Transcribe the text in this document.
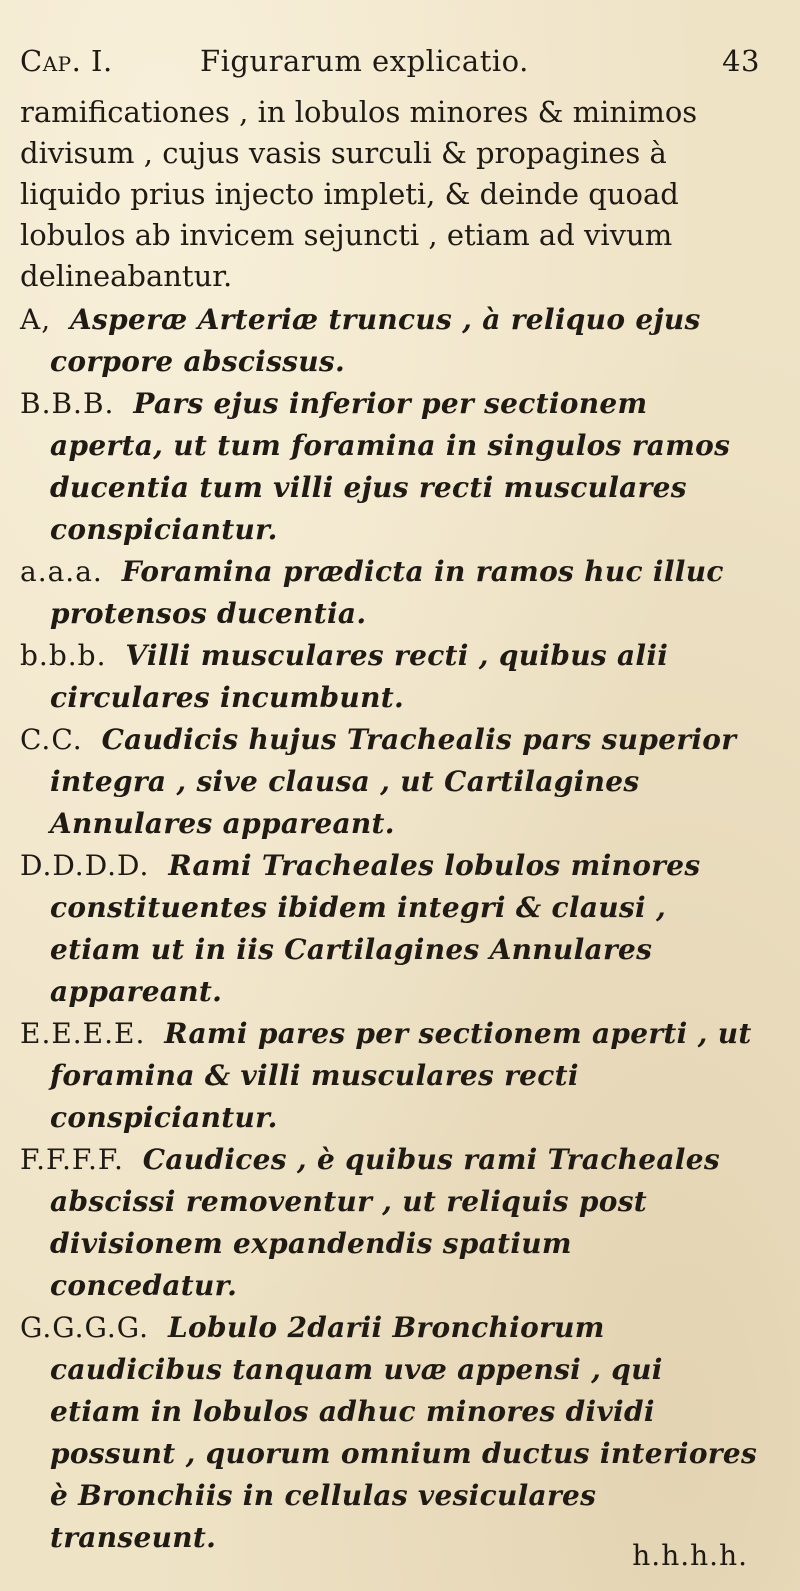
Cap. I.	Figurarum explicatio.	43
ramificationes , in lobulos minores & minimos divisum , cujus vasis surculi & propagines à liquido prius injecto impleti, & deinde quoad lobulos ab invicem sejuncti , etiam ad vivum delineabantur.

A, Asperæ Arteriæ truncus , à reliquo ejus corpore abscissus.

B.B.B. Pars ejus inferior per sectionem aperta, ut tum foramina in singulos ramos ducentia tum villi ejus recti musculares conspiciantur.

a.a.a. Foramina prædicta in ramos huc illuc protensos ducentia.

b.b.b. Villi musculares recti , quibus alii circulares incumbunt.

C.C. Caudicis hujus Trachealis pars superior integra , sive clausa , ut Cartilagines Annulares appareant.

D.D.D.D. Rami Tracheales lobulos minores constituentes ibidem integri & clausi , etiam ut in iis Cartilagines Annulares appareant.

E.E.E.E. Rami pares per sectionem aperti , ut foramina & villi musculares recti conspiciantur.

F.F.F.F. Caudices , è quibus rami Tracheales abscissi removentur , ut reliquis post divisionem expandendis spatium concedatur.

G.G.G.G. Lobulo 2darii Bronchiorum caudicibus tanquam uvæ appensi , qui etiam in lobulos adhuc minores dividi possunt , quorum omnium ductus interiores è Bronchiis in cellulas vesiculares transeunt.

h.h.h.h.
